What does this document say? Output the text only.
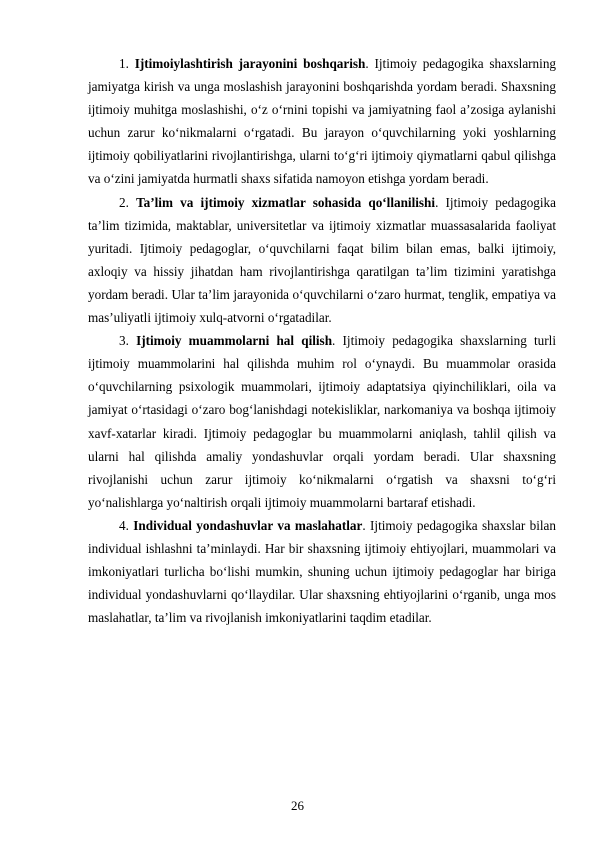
1. Ijtimoiylashtirish jarayonini boshqarish. Ijtimoiy pedagogika shaxslarning jamiyatga kirish va unga moslashish jarayonini boshqarishda yordam beradi. Shaxsning ijtimoiy muhitga moslashishi, o‘z o‘rnini topishi va jamiyatning faol a’zosiga aylanishi uchun zarur ko‘nikmalarni o‘rgatadi. Bu jarayon o‘quvchilarning yoki yoshlarning ijtimoiy qobiliyatlarini rivojlantirishga, ularni to‘g‘ri ijtimoiy qiymatlarni qabul qilishga va o‘zini jamiyatda hurmatli shaxs sifatida namoyon etishga yordam beradi.

2. Ta’lim va ijtimoiy xizmatlar sohasida qo‘llanilishi. Ijtimoiy pedagogika ta’lim tizimida, maktablar, universitetlar va ijtimoiy xizmatlar muassasalarida faoliyat yuritadi. Ijtimoiy pedagoglar, o‘quvchilarni faqat bilim bilan emas, balki ijtimoiy, axloqiy va hissiy jihatdan ham rivojlantirishga qaratilgan ta’lim tizimini yaratishga yordam beradi. Ular ta’lim jarayonida o‘quvchilarni o‘zaro hurmat, tenglik, empatiya va mas’uliyatli ijtimoiy xulq-atvorni o‘rgatadilar.

3. Ijtimoiy muammolarni hal qilish. Ijtimoiy pedagogika shaxslarning turli ijtimoiy muammolarini hal qilishda muhim rol o‘ynaydi. Bu muammolar orasida o‘quvchilarning psixologik muammolari, ijtimoiy adaptatsiya qiyinchiliklari, oila va jamiyat o‘rtasidagi o‘zaro bog‘lanishdagi notekisliklar, narkomaniya va boshqa ijtimoiy xavf-xatarlar kiradi. Ijtimoiy pedagoglar bu muammolarni aniqlash, tahlil qilish va ularni hal qilishda amaliy yondashuvlar orqali yordam beradi. Ular shaxsning rivojlanishi uchun zarur ijtimoiy ko‘nikmalarni o‘rgatish va shaxsni to‘g‘ri yo‘nalishlarga yo‘naltirish orqali ijtimoiy muammolarni bartaraf etishadi.

4. Individual yondashuvlar va maslahatlar. Ijtimoiy pedagogika shaxslar bilan individual ishlashni ta’minlaydi. Har bir shaxsning ijtimoiy ehtiyojlari, muammolari va imkoniyatlari turlicha bo‘lishi mumkin, shuning uchun ijtimoiy pedagoglar har biriga individual yondashuvlarni qo‘llaydilar. Ular shaxsning ehtiyojlarini o‘rganib, unga mos maslahatlar, ta’lim va rivojlanish imkoniyatlarini taqdim etadilar.

26
